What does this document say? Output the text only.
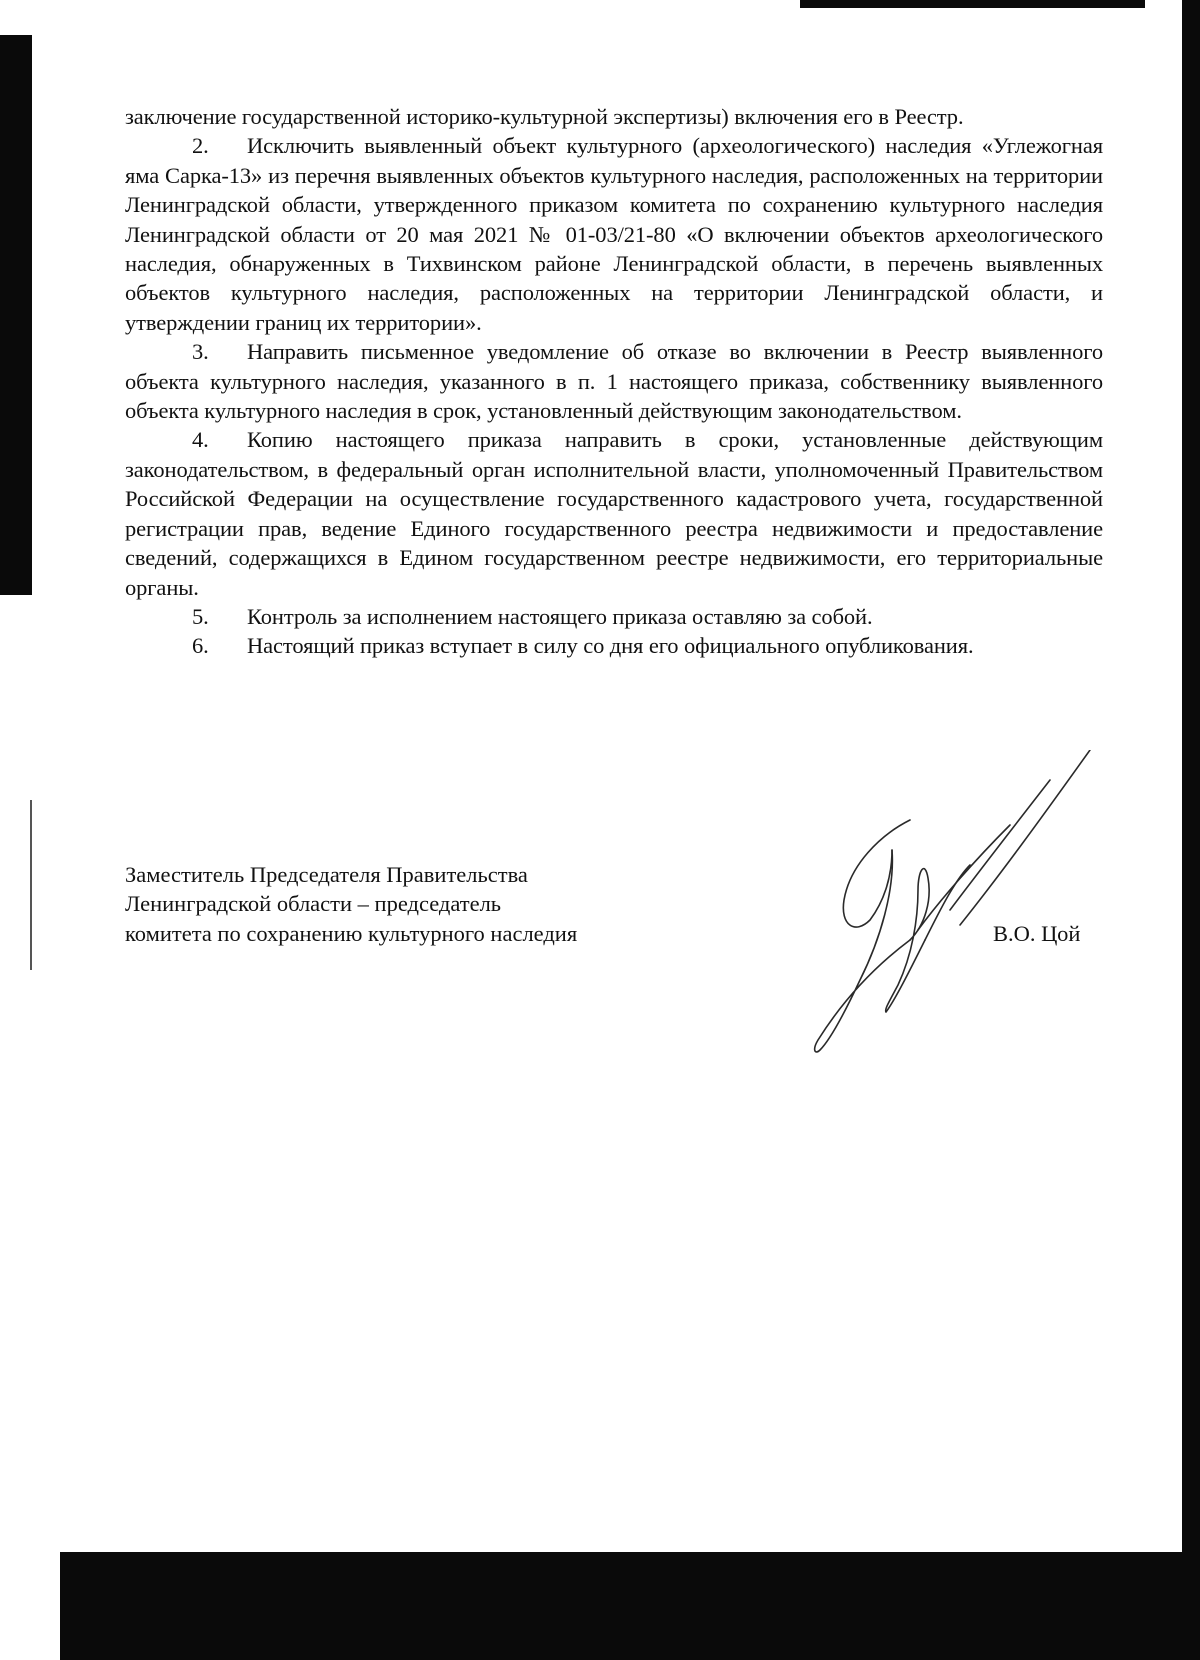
заключение государственной историко-культурной экспертизы) включения его в Реестр.

2. Исключить выявленный объект культурного (археологического) наследия «Углежогная яма Сарка-13» из перечня выявленных объектов культурного наследия, расположенных на территории Ленинградской области, утвержденного приказом комитета по сохранению культурного наследия Ленинградской области от 20 мая 2021 № 01-03/21-80 «О включении объектов археологического наследия, обнаруженных в Тихвинском районе Ленинградской области, в перечень выявленных объектов культурного наследия, расположенных на территории Ленинградской области, и утверждении границ их территории».

3. Направить письменное уведомление об отказе во включении в Реестр выявленного объекта культурного наследия, указанного в п. 1 настоящего приказа, собственнику выявленного объекта культурного наследия в срок, установленный действующим законодательством.

4. Копию настоящего приказа направить в сроки, установленные действующим законодательством, в федеральный орган исполнительной власти, уполномоченный Правительством Российской Федерации на осуществление государственного кадастрового учета, государственной регистрации прав, ведение Единого государственного реестра недвижимости и предоставление сведений, содержащихся в Едином государственном реестре недвижимости, его территориальные органы.

5. Контроль за исполнением настоящего приказа оставляю за собой.

6. Настоящий приказ вступает в силу со дня его официального опубликования.

Заместитель Председателя Правительства
Ленинградской области – председатель
комитета по сохранению культурного наследия	В.О. Цой
